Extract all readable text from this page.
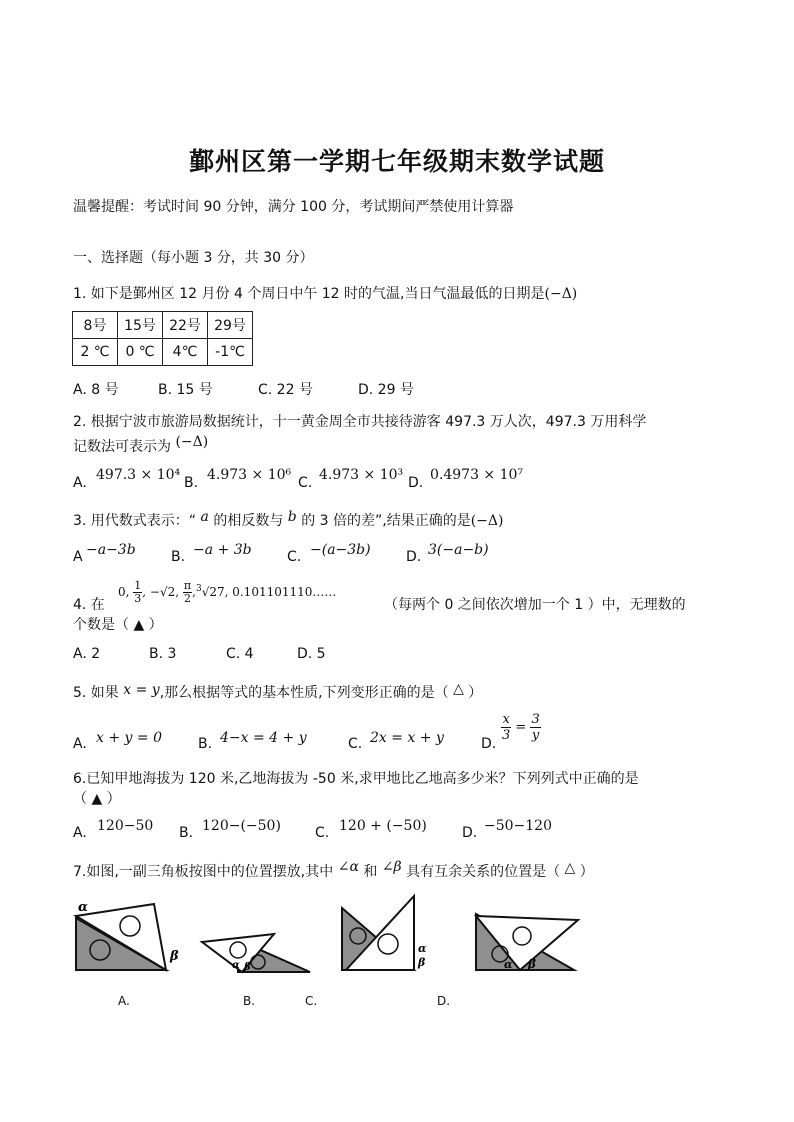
鄞州区第一学期七年级期末数学试题
温馨提醒：考试时间 90 分钟，满分 100 分，考试期间严禁使用计算器
一、选择题（每小题 3 分，共 30 分）
1. 如下是鄞州区 12 月份 4 个周日中午 12 时的气温,当日气温最低的日期是(−Δ)
8号	15号	22号	29号
2 ℃	0 ℃	4℃	-1℃
A. 8 号	B. 15 号	C. 22 号	D. 29 号
2. 根据宁波市旅游局数据统计，十一黄金周全市共接待游客 497.3 万人次，497.3 万用科学
记数法可表示为 (−Δ)
A. 497.3 × 10⁴ B. 4.973 × 10⁶ C. 4.973 × 10³ D. 0.4973 × 10⁷
3. 用代数式表示：“ a 的相反数与 b 的 3 倍的差”,结果正确的是(−Δ)
A −a−3b	B. −a + 3b	C. −(a−3b)	D. 3(−a−b)
4. 在
0, $\frac{1}{3}$ , −√2, $\frac{\pi}{2} ,^3√27$, 0.101101110……
（每两个 0 之间依次增加一个 1 ）中，无理数的
个数是（ ▲ ）
A. 2	B. 3	C. 4	D. 5
5. 如果 x = y,那么根据等式的基本性质,下列变形正确的是（ △ ）
A. x + y = 0	B. 4−x = 4 + y	C. 2x = x + y	D.
$\frac{x}{3} = \frac{3}{y}$
6.已知甲地海拔为 120 米,乙地海拔为 -50 米,求甲地比乙地高多少米？下列列式中正确的是
（ ▲ ）
A. 120−50 B. 120−(−50) C. 120 + (−50)	D. −50−120
7.如图,一副三角板按图中的位置摆放,其中 ∠α 和 ∠β 具有互余关系的位置是（ △ ）
α
β
α β
α
β	α β
A.	B.	C.	D.
